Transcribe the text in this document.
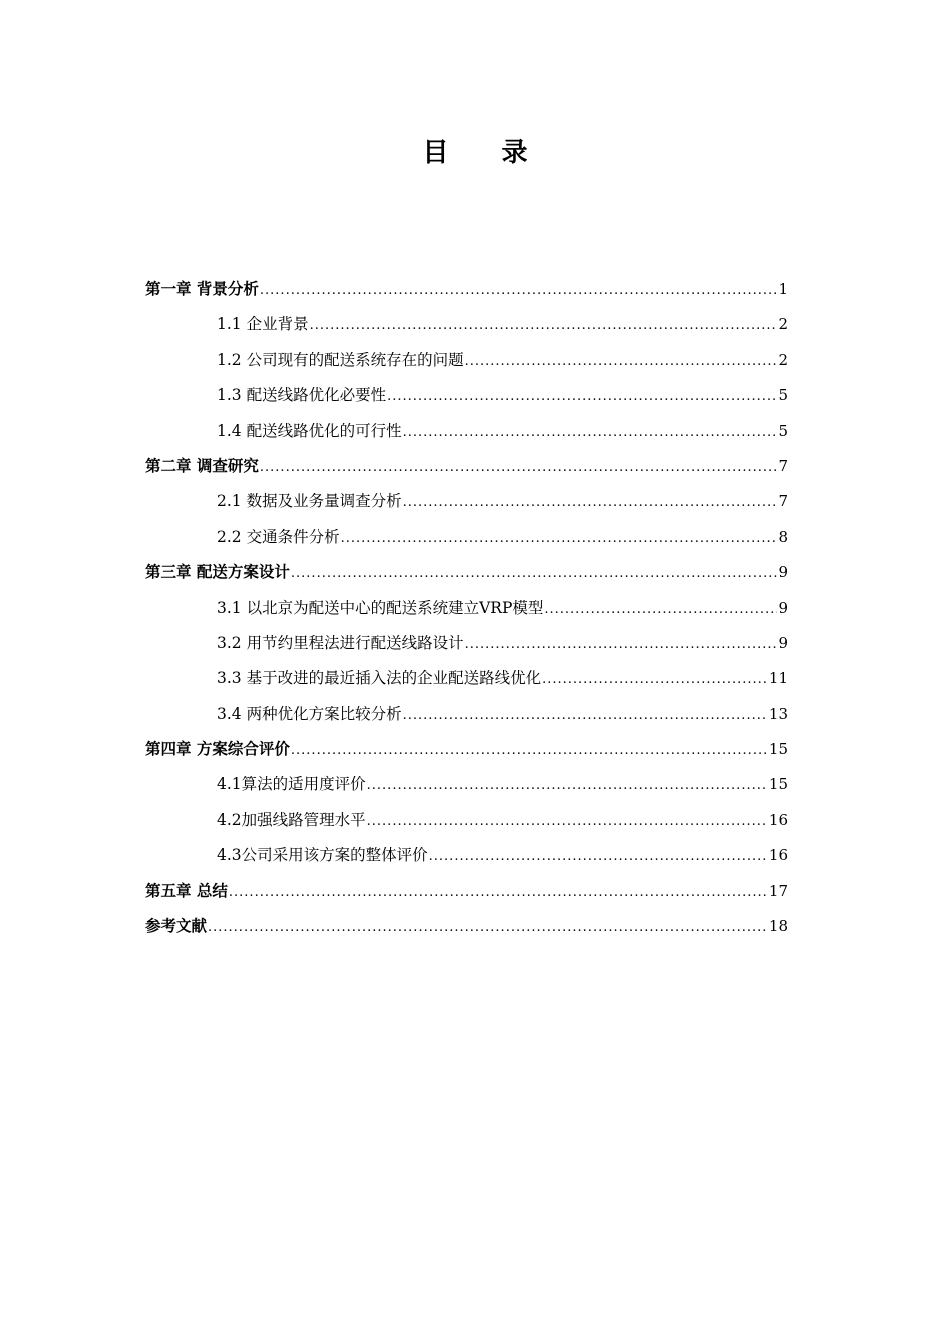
目 录
第一章 背景分析 .....	1
1.1 企业背景 .....	2
1.2 公司现有的配送系统存在的问题 .....	2
1.3 配送线路优化必要性 .....	5
1.4 配送线路优化的可行性 .....	5
第二章 调查研究 .....	7
2.1 数据及业务量调查分析 .....	7
2.2 交通条件分析 .....	8
第三章 配送方案设计 .....	9
3.1 以北京为配送中心的配送系统建立VRP模型 .....	9
3.2 用节约里程法进行配送线路设计 .....	9
3.3 基于改进的最近插入法的企业配送路线优化 .....	11
3.4 两种优化方案比较分析 .....	13
第四章 方案综合评价 .....	15
4.1算法的适用度评价 .....	15
4.2加强线路管理水平 .....	16
4.3公司采用该方案的整体评价 .....	16
第五章 总结 .....	17
参考文献 .....	18
